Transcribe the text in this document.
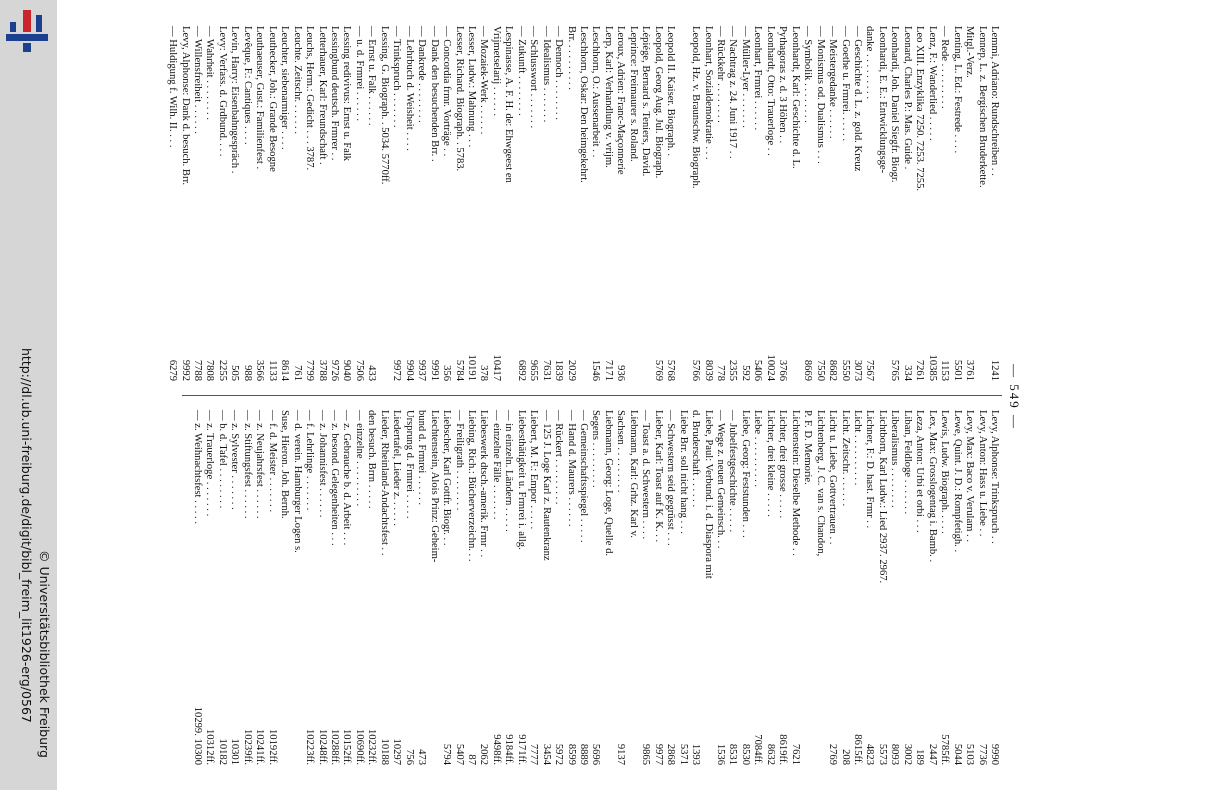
http://dl.ub.uni-freiburg.de/digit/bibl_freim_lit1926-erg/0567 © Universitätsbibliothek Freiburg
— 549 —
Lemmi, Adriano: Rundschreiben . .
1241
Lennep, L. z. Bergischen Bruderkette.
Mitgl.-Verz.
3761
Lenting, L. Ed.: Festrede . . . .
5501
— Rede . . . . . . . . .
1153
Lenz, F.: Wanderlied . . . . .
10385
Leo XIII. Enzyklika 7250. 7253. 7255.
7261
Leonard, Charles P.: Mas. Guide .
334
Leonhardi, Joh. Daniel Siegfr. Biogr.
5765
Leonhardi, E. E.: Entwicklungsge-
danke . . . . . . . . .
7567
— Geschichte d. L. z. gold. Kreuz
3073
— Goethe u. Frmrei. . . . . .
5550
— Meistergedanke . . . . . .
8682
— Monismus od. Dualismus . . .
7550
— Symbolik . . . . . . . .
8669
Leonhardt, Karl: Geschichte d. L.
Pythagoras z. d. 3 Höhen . .
3766
Leonhardt, Otto: Trauerloge . .
10024
Leonhart, Frmrei . . . . . .
5406
— Müller-Lyer . . . . . . .
592
— Nachtrag z. 24. Juni 1917 . .
2355
— Rückkehr . . . . . . . .
778
Leonhart, Sozialdemokratie . . .
8039
Leopold, Hz. v. Braunschw. Biograph.
5766

Leopold II. Kaiser. Biograph. .
5768
Leopold, Georg Aug. Jul. Biograph.
5769
Lépiége, Bernard s. Teniers, David.
Leprince: Freimaurer s. Roland.
Leroux, Adrien: Franc-Maçonnerie
936
Lerp, Karl: Verhandlung v. vrijm.
7171
Leschhorn, O.: Aussenarbeit . .
1546
Leschhorn, Oskar: Den heimgekehrt.
Brr. . . . . . . . . .
2029
— Dennoch . . . . . . . .
1839
— Idealismus . . . . . . .
7631
— Schlusswort . . . . . . .
9655
— Zukunft . . . . . . . .
6892
Lespinasse, A. F. H. de: Ehwgeest en
Vrijmetselarij . . . . . .
10417
— Mozaiek-Werk . . . . . .
378
Lesser, Ludw.: Mahnung . . .
10191
Lesser, Richard. Biograph. . 5783.
5784
— Concordia frmr. Vorträge . .
356
— Dank den besuchenden Brr. .
9991
— Dankrede . . . . . . . .
9937
— Lehrbuch d. Weisheit . . . .
9904
— Trinkspruch . . . . . . .
9972
Lessing, G. Biograph. . 5034. 5770ff.
— Ernst u. Falk . . . . . .
433
— u. d. Frmrei . . . . . .
7506
Lessing redivivus: Ernst u. Falk
9040
Lessingbund deutsch. Frmrer . .
9726
Letterhauer, Karl: Freundschaft .
3788
Leuchs, Herm.: Gedicht . . . 3787.
7799
Leuchte. Zeitschr. . . . . . .
761
Leuchter, siebenarmiger . . . .
8614
Leuthecker, Joh.: Grande Besogne
1133
Leuthaeuser, Gust.: Familienfest .
3566
Levêque, F.: Cantiques . . . .
988
Levin, Harry: Eisenbahngespräch .
505
Levy: Verfass. d. Grdbund. . . .
2255
— Wahrheit . . . . . . . .
7808
— Willensfreiheit . . . . . .
7788
Levy, Alphonse: Dank d. besuch. Brr.
9992
— Huldigung f. Wilh. II. . . .
6279
Levy, Alphonse: Trinkspruch . .
9990
Levy, Anton: Hass u. Liebe . .
7736
Levy, Max: Baco v. Verulam . .
5103
Lewe, Quint. J. D.: Rompfetigh. .
5044
Lewis, Ludw. Biograph. . . . .
5785ff.
Lex, Max: Grosslogentag i. Bamb. .
2447
Leza, Anton: Urbi et orbi . . .
189
Liban, Feldloge . . . . . . .
3002
Liberalismus . . . . . . . .
8093
Lichtborn, Karl Ludw.: Lied 2937. 2967.
5573
Lichner, F.: D. hast. Frmr . .
4823
Licht . . . . . . . . . .
8615ff.
Licht. Zeitschr. . . . . . .
208
Licht u. Liebe, Gottvertrauen . .
2769
Lichtenberg, J. C. van s. Chandon,
P. F. D. Memorie.
Lichtenstein: Dieselbe Methode . .
7621
Lichter, drei grosse . . . . .
8619ff.
Lichter, drei kleine . . . . .
8632
Liebe . . . . . . . . . .
7084ff.
Liebe, Georg: Feststunden . . .
8530
— Jubelfestgeschichte . . . . .
8531
— Wege z. neuen Gemeinsch. . .
1536
Liebe, Paul: Verbund. i. d. Diaspora mit
d. Bruderschaft . . . . . .
1393
Liebe Brr. soll nicht hang . . .
5371
— Schwestern seid gegrüsst . . .
2868
Lieber, Karl: Toast auf K. K. . .
9977
— Toast a. d. Schwestern . . . .
9865
Liebmann, Karl: Grhz. Karl v.
Sachsen . . . . . . . . .
9137
Liebmann, Georg: Loge, Quelle d.
Segens . . . . . . . . .
5696
— Gemeinschaftsspiegel . . . . .
8889
— Hand d. Maurers . . . . . .
8599
— Rückert . . . . . . . . .
5972
— 125 J. Loge Karl z. Rautenkranz
3454
Liebert, M. F.: Empor . . . . .
7777
Liebesthätigkeit u. Frmrei i. allg.
9171ff.
— in einzeln. Ländern . . . . .
9184ff.
— einzelne Fälle . . . . . . .
9498ff.
Liebeswerk dtsch.-amerik. Frmr . .
2062
Liebing, Rich.: Bücherverzeichn. . .
87
— Freiligrath . . . . . . . .
5407
Liebscher, Karl Gottfr. Biogr. . .
5794
Liechtenstein, Alois Prinz: Geheim-
bund d. Frmrei . . . . . .
473
Ursprung d. Frmrei . . . . .
756
Liedertafel, Lieder z. . . . . .
10297
Lieder, Rheinland-Andachtsfest . .
10188
den besuch. Brrn . . . . .
10232ff.
— einzelne . . . . . . . . .
10690ff.
— z. Gebrauche b. d. Arbeit . . .
10152ff.
— z. besond. Gelegenheiten . . .
10288ff.
— z. Johannisfest . . . . . .
10248ff.
— f. Lehrlinge . . . . . . .
10223ff.
— d. verein. Hamburger Logen s.
Suse, Hieron. Joh. Bernh.
— f. d. Meister . . . . . . .
10192ff.
— z. Neujahrsfest . . . . . .
10241ff.
— z. Stiftungsfest . . . . . .
10239ff.
— z. Sylvester . . . . . . .
10301
— b. d. Tafel . . . . . . . .
10182
— z. Trauerloge . . . . . . .
10312ff.
— z. Weihnachtsfest . . . . .
10299. 10300
